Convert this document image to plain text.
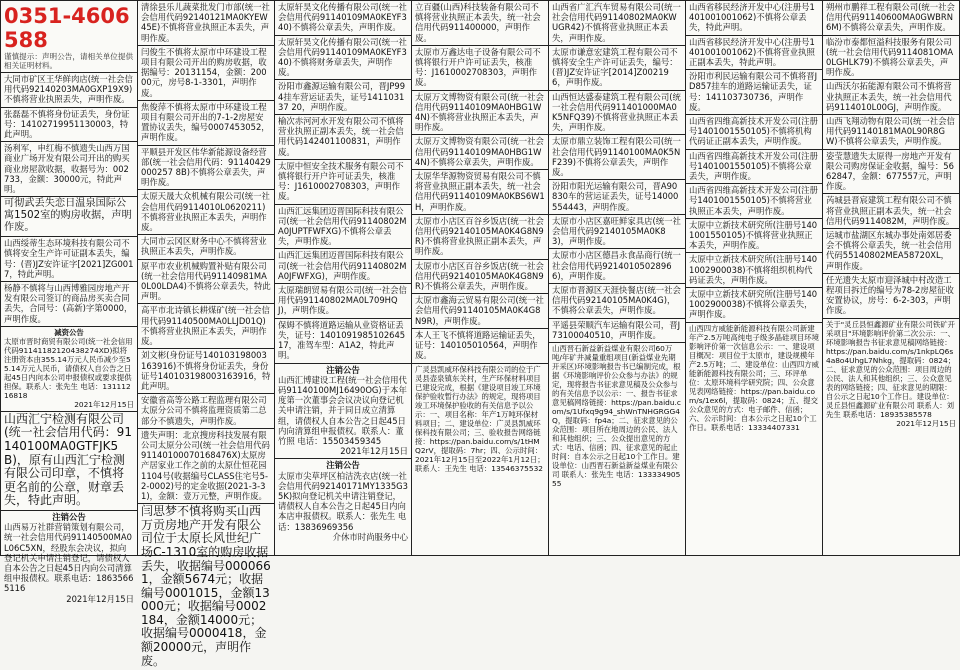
0351-4606588
谨慎提示：声明公告，请相关单位提供相关证明材料。
大同市矿区王华鲜肉店(统一社会信用代码92140203MA0GXP19X9)不慎将营业执照丢失，声明作废。
张磊磊不慎将身份证丢失，身份证号：14102719951130003，特此声明。
汤利军，申红梅不慎遗失山西万国商业广场开发有限公司开出的购买商业房屋款收据，收据号为：002733，金额：30000元，特此声明。
可彻武丢失恋日温泉国际公寓1502室的购房收据，声明作废。
山西绥蒂生态环境科技有限公司不慎将安全生产许可证副本丢失，编号：(晋)JZ安许证字[2021]ZG0017，特此声明。
杨静不慎将与山西博雅园房地产开发有限公司签订的商品房买卖合同丢失，合同号：(高新)字第0000，声明作废。
减资公告
太原市晋时商贸有限公司(统一社会信用代码91141182120438274XD)拟将注册资本由355.14万元人民币减少至55.14万元人民币，请债权人自公告之日起45日内向本公司申报债权或要求提供担保。联系人：张先生 电话：13111216818
2021年12月15日
山西汇宁检测有限公司(统一社会信用代码：91140100MA0GTFJK5B)，原有山西汇宁检测有限公司印章，不慎将更名前的公章，财章丢失，特此声明。
注销公告
山西易万社群营销策划有限公司，统一社会信用代码91140500MA0L06C5XN，经股东会决议，拟向登记机关申请注销登记，请债权人自本公告之日起45日内向公司清算组申报债权。联系电话：18635665116
2021年12月15日
清徐县乐儿蔬菜批发门市部(统一社会信用代码92140121MA0KYEW45E)不慎将营业执照正本丢失，声明作废。
闫俊生不慎将太原市中环建设工程项目有限公司开出的购房收据，收据编号：20131154，金额：20000元，房号8-1-3301，声明作废。
焦俊萍不慎将太原市中环建设工程项目有限公司开出的7-1-2房屋安置协议丢失，编号0007453052，声明作废。
平顺县开发区伟华新能源设备经营部(统一社会信用代码：91140429000257 8B)不慎将公章丢失，声明作废。
太原天晟大众机械有限公司(统一社会信用代码9114010L0620211)不慎将营业执照正本丢失，声明作废。
大同市云冈区财务中心不慎将营业执照正本丢失，声明作废。
原平市农业机械购置补贴有限公司(统一社会信用代码91140981MA0L00LDA4)不慎将公章丢失，特此声明。
高平市北诗镇长耕煤矿(统一社会信用代码91140500MA0LLJD01Q)不慎将营业执照正本丢失，声明作废。
刘文彬(身份证号140103198003163916)不慎将身份证丢失，身份证号140103198003163916，特此声明。
安徽省高等公路工程监理有限公司太原分公司不慎将监理资质第二总部分不慎遗失，声明作废。
遗失声明：北京搜房科技发展有限公司太原分公司(统一社会信用代码91140100070168476X)太原房产居家业工作之前的太原仕恒花园1104号(收据编号CLASS住宅号5-2-0002)号的定金收据(2021-3-31)，金额：壹万元整，声明作废。
闫思梦不慎将购买山西万贡房地产开发有限公司位于太原长风世纪广场C-1310室的购房收据丢失，收据编号0000661，金额5674元；收据编号0001015，金额13000元；收据编号0002184，金额14000元；收据编号0000418，金额20000元，声明作废。
太原轩昊文化传播有限公司(统一社会信用代码91140109MA0KEYF340)不慎将公章丢失，声明作废。
太原轩昊文化传播有限公司(统一社会信用代码91140109MA0KEYF340)不慎将财务章丢失，声明作废。
汾阳市鑫源运输有限公司，晋JP994挂车营运证丢失，证号141103137 20，声明作废。
榆次赤河河水开发有限公司不慎将营业执照正副本丢失，统一社会信用代码142401100831，声明作废。
太原中恒安全技术服务有限公司不慎将银行开户许可证丢失，核准号：J1610002708303，声明作废。
山西汇远集团迈晋国际科技有限公司(统一社会信用代码91140802MA0JUPTFWFXG)不慎将公章丢失，声明作废。
山西汇远集团迈晋国际科技有限公司(统一社会信用代码91140802MA0JFWFXG)，声明作废。
太原瑞朗贸易有限公司(统一社会信用代码91140802MA0L709HQJ)，声明作废。
保姆不慎将道路运输从业资格证丢失，证号：140109198510264517，准驾车型：A1A2，特此声明。
注销公告
山西汇博建设工程(统一社会信用代码91140100MJ16490OG)于本年度第一次董事会会议决议向登记机关申请注销，并于同日成立清算组，请债权人自本公告之日起45日内向清算组申报债权。联系人：董竹照 电话：15503459345
2021年12月15日
注销公告
太原市尖草坪区柏洁洗衣店(统一社会信用代码92140171MY1335G35K)拟向登记机关申请注销登记，请债权人自本公告之日起45日内向本店申报债权。联系人：张先生 电话：13836969356
介休市时尚服务中心
立百疆(山西)科技装备有限公司不慎将营业执照正本丢失，统一社会信用代码911400000，声明作废。
太原市万鑫达电子设备有限公司不慎将银行开户许可证丢失，核准号：J1610002708303，声明作废。
太原万文博物资有限公司(统一社会信用代码91140109MA0HBG1W4N)不慎将营业执照正本丢失，声明作废。
太原万文博物资有限公司(统一社会信用代码91140109MA0HBG1W4N)不慎将公章丢失，声明作废。
太原华华源物资贸易有限公司不慎将营业执照正副本丢失，统一社会信用代码91140109MA0KBS6W1H，声明作废。
太原市小店区百谷乡饭店(统一社会信用代码92140105MA0K4G8N9R)不慎将营业执照正副本丢失，声明作废。
太原市小店区百谷乡饭店(统一社会信用代码92140105MA0K4G8N9R)不慎将公章丢失，声明作废。
太原市鑫海云贸易有限公司(统一社会信用代码91140105MA0K4G8N9R)，声明作废。
本人王飞不慎将道路运输证丢失，证号：140105010564，声明作废。
广灵县凯威环保科技有限公司的位于广灵县壶泉镇东关村，生产环保材料项目已建设完成，根据《建设项目竣工环境保护验收暂行办法》的规定，现将项目竣工环境保护验收的有关信息予以公示：一、项目名称：年产1万吨环保材料项目；二、建设单位：广灵县凯威环保科技有限公司；三、验收报告网络链接：https://pan.baidu.com/s/1tHMQ2rV，提取码：7hr；四、公示时间：2021年12月15日至2022年1月12日；联系人：王先生 电话：13546375532
山西省广汇汽车贸易有限公司(统一社会信用代码91140802MA0KWUGR42)不慎将营业执照正本丢失，声明作废。
太原市谦意宏建筑工程有限公司不慎将安全生产许可证丢失，编号：(晋)JZ安许证字[2014]Z002196，声明作废。
山西恒达盛泰建筑工程有限公司(统一社会信用代码911401000MA0K5NFQ39)不慎将营业执照正本丢失，声明作废。
太原市鼎立装饰工程有限公司(统一社会信用代码91140100MA0K5NF239)不慎将公章丢失，声明作废。
汾阳市阳光运输有限公司，晋A90830车的营运证丢失，证号14000554443，声明作废。
太原市小店区嘉旺鲜家具店(统一社会信用代码92140105MA0K83)，声明作废。
太原市小店区德昌永食品商行(统一社会信用代码92140105028966)，声明作废。
太原市晋源区天涯快餐店(统一社会信用代码92140105MA0K4G)，不慎将公章丢失，声明作废。
平遥县荣顺汽车运输有限公司，晋J73100040510，声明作废。
山西晋石新益新益煤业有限公司60万吨/年矿井减量重组项目(新益煤业先期开采区)环境影响报告书已编制完成，根据《环境影响评价公众参与办法》的规定，现将报告书征求意见稿及公众参与的有关信息予以公示：一、报告书征求意见稿网络链接：https://pan.baidu.com/s/1Ufxq9g94_shWnTNHGRGG4Q，提取码：fp4a；二、征求意见的公众范围：项目所在地周边的公民、法人和其他组织；三、公众提出意见的方式：电话、信函；四、征求意见的起止时间：自本公示之日起10个工作日。建设单位：山西晋石新益新益煤业有限公司 联系人：张先生 电话：13333490555
山西省移民经济开发中心(注册号1401001001062)不慎将公章丢失，特此声明。
山西省移民经济开发中心(注册号1401001001062)不慎将营业执照正副本丢失，特此声明。
汾阳市利民运输有限公司不慎将晋JD857挂车的道路运输证丢失，证号：141103730736，声明作废。
山西省四维高新技术开发公司(注册号1401001550105)不慎将机构代码证正副本丢失，声明作废。
山西省四维高新技术开发公司(注册号1401001550105)不慎将公章丢失，声明作废。
山西省四维高新技术开发公司(注册号1401001550105)不慎将营业执照正本丢失，声明作废。
太原中立新技术研究所(注册号1401001550105)不慎将营业执照正本丢失，声明作废。
太原中立新技术研究所(注册号1401002900038)不慎将组织机构代码证丢失，声明作废。
太原中立新技术研究所(注册号1401002900038)不慎将公章丢失，声明作废。
山西四方威能新能源科技有限公司新建年产2.5万吨高纯电子级多晶硅项目环境影响评价第一次信息公示：一、建设项目概况：项目位于太原市，建设规模年产2.5万吨；二、建设单位：山西四方威能新能源科技有限公司；三、环评单位：太原环境科学研究院；四、公众意见表网络链接：https://pan.baidu.com/s/1ex6l，提取码：0824；五、提交公众意见的方式：电子邮件、信函；六、公示时间：自本公示之日起10个工作日。联系电话：13334407331
朔州市鹏祥工程有限公司(统一社会信用代码91140600MA0GWBRN6M)不慎将公章丢失，声明作废。
临汾市泰都恒溢科技服务有限公司(统一社会信用代码9114081OMA0LGHLK79)不慎将公章丢失，声明作废。
山西沃尔拓能源有限公司不慎将营业执照正本丢失，统一社会信用代码9114010L00GJ，声明作废。
山西飞翔动物有限公司(统一社会信用代码91140181MA0L90R8GW)不慎将公章丢失，声明作废。
姿莹慧遗失太原得一房地产开发有限公司购房保证金收据，编号：5662847，金额：677557元，声明作废。
芮城县晋宸建筑工程有限公司不慎将营业执照正副本丢失，统一社会信用代码9114082M，声明作废。
运城市盐湖区东城办事处南郊居委会不慎将公章丢失，统一社会信用代码55140802MEA58720XL，声明作废。
任光遗失太原市迎泽城中村改造工程项目拆迁的编号为78-2房屋征收安置协议，房号：6-2-303，声明作废。
关于"灵丘县恒鑫源矿业有限公司铁矿开采项目"环境影响评价第二次公示：一、环境影响报告书征求意见稿网络链接：https://pan.baidu.com/s/1nkpLQ6s4a8o4UhgL7Nhkg，提取码：0824；二、征求意见的公众范围：项目周边的公民、法人和其他组织；三、公众意见表的网络链接；四、征求意见的期限：自公示之日起10个工作日。建设单位：灵丘县恒鑫源矿业有限公司 联系人：刘先生 联系电话：18935385578
2021年12月15日
